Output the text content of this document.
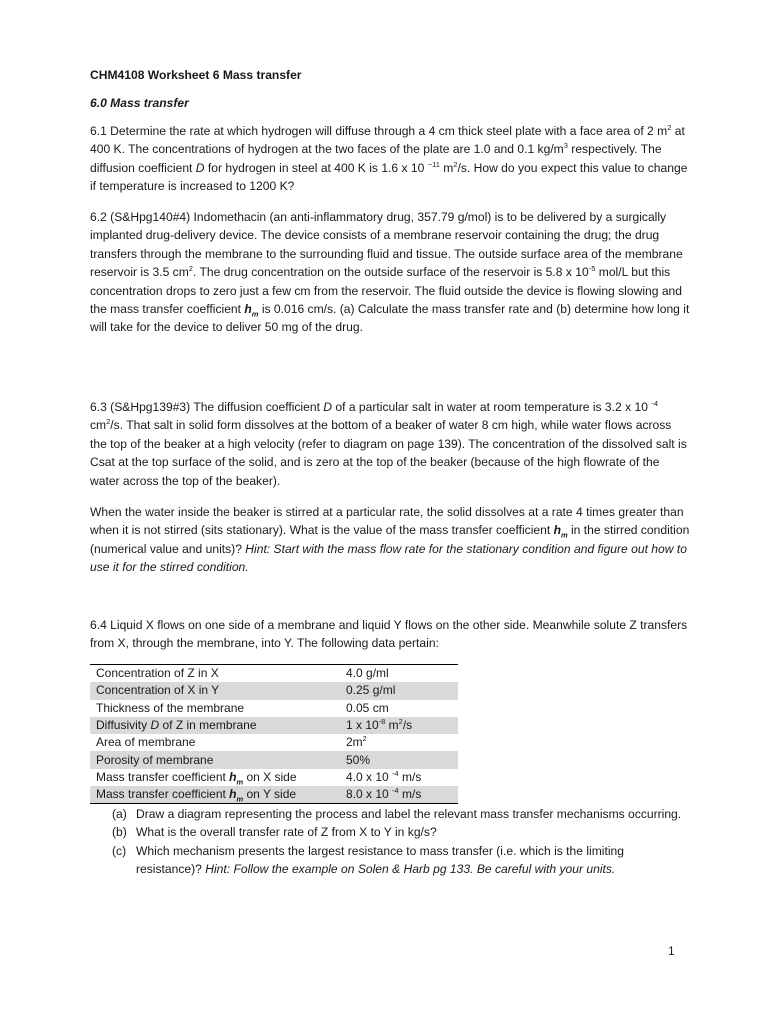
CHM4108 Worksheet 6 Mass transfer

6.0 Mass transfer

6.1 Determine the rate at which hydrogen will diffuse through a 4 cm thick steel plate with a face area of 2 $m^2$ at 400 K. The concentrations of hydrogen at the two faces of the plate are 1.0 and 0.1 $kg/m^3$ respectively. The diffusion coefficient D for hydrogen in steel at 400 K is 1.6 x 10 $^{-11}$ $m^2/s$. How do you expect this value to change if temperature is increased to 1200 K?

6.2 (S&Hpg140#4) Indomethacin (an anti-inflammatory drug, 357.79 g/mol) is to be delivered by a surgically implanted drug-delivery device. The device consists of a membrane reservoir containing the drug; the drug transfers through the membrane to the surrounding fluid and tissue. The outside surface area of the membrane reservoir is 3.5 $cm^2$. The drug concentration on the outside surface of the reservoir is 5.8 x $10^{-5}$ mol/L but this concentration drops to zero just a few cm from the reservoir. The fluid outside the device is flowing slowing and the mass transfer coefficient $h_m$ is 0.016 cm/s. (a) Calculate the mass transfer rate and (b) determine how long it will take for the device to deliver 50 mg of the drug.

6.3 (S&Hpg139#3) The diffusion coefficient D of a particular salt in water at room temperature is 3.2 x 10 $^{-4}$ $cm^2/s$. That salt in solid form dissolves at the bottom of a beaker of water 8 cm high, while water flows across the top of the beaker at a high velocity (refer to diagram on page 139). The concentration of the dissolved salt is Csat at the top surface of the solid, and is zero at the top of the beaker (because of the high flowrate of the water across the top of the beaker).

When the water inside the beaker is stirred at a particular rate, the solid dissolves at a rate 4 times greater than when it is not stirred (sits stationary). What is the value of the mass transfer coefficient $h_m$ in the stirred condition (numerical value and units)? Hint: Start with the mass flow rate for the stationary condition and figure out how to use it for the stirred condition.

6.4 Liquid X flows on one side of a membrane and liquid Y flows on the other side. Meanwhile solute Z transfers from X, through the membrane, into Y. The following data pertain:

Concentration of Z in X	4.0 g/ml
Concentration of X in Y	0.25 g/ml
Thickness of the membrane	0.05 cm
Diffusivity D of Z in membrane	1 x $10^{-8}$ $m^2/s$
Area of membrane	$2m^2$
Porosity of membrane	50%
Mass transfer coefficient $h_m$ on X side	4.0 x 10 $^{-4}$ m/s
Mass transfer coefficient $h_m$ on Y side	8.0 x 10 $^{-4}$ m/s
(a) Draw a diagram representing the process and label the relevant mass transfer mechanisms occurring.
(b) What is the overall transfer rate of Z from X to Y in kg/s?
(c) Which mechanism presents the largest resistance to mass transfer (i.e. which is the limiting resistance)? Hint: Follow the example on Solen & Harb pg 133. Be careful with your units.
1
